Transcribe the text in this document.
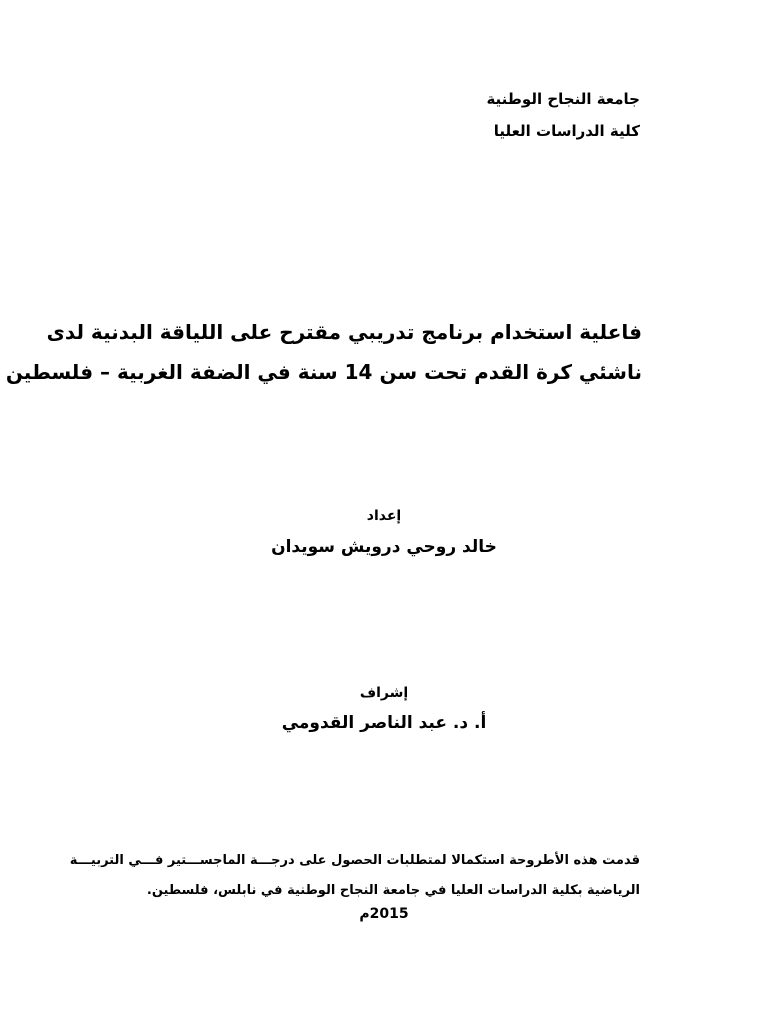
جامعة النجاح الوطنية
كلية الدراسات العليا
فاعلية استخدام برنامج تدريبي مقترح على اللياقة البدنية لدى
ناشئي كرة القدم تحت سن 14 سنة في الضفة الغربية – فلسطين
إعداد
خالد روحي درويش سويدان
إشراف
أ. د. عبد الناصر القدومي
قدمت هذه الأطروحة استكمالا لمتطلبات الحصول على درجـــة الماجســـتير فـــي التربيـــة
الرياضية بكلية الدراسات العليا في جامعة النجاح الوطنية في نابلس، فلسطين.
2015م
